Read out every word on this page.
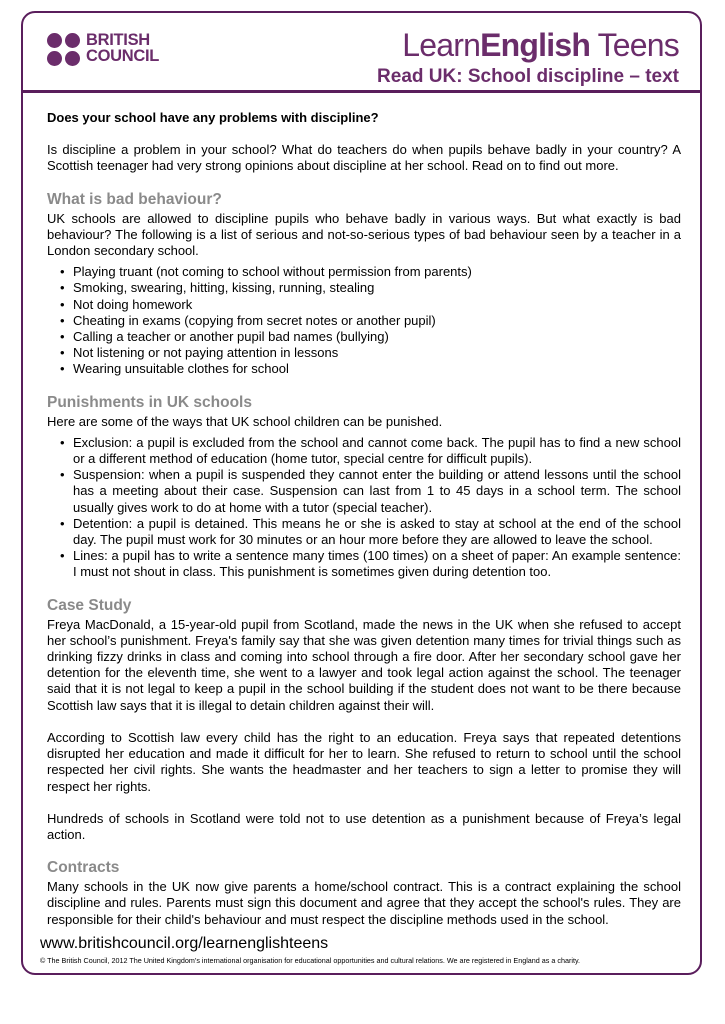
BRITISH
COUNCIL	LearnEnglish Teens
Read UK: School discipline – text

Does your school have any problems with discipline?

Is discipline a problem in your school? What do teachers do when pupils behave badly in your country? A Scottish teenager had very strong opinions about discipline at her school. Read on to find out more.

What is bad behaviour?

UK schools are allowed to discipline pupils who behave badly in various ways. But what exactly is bad behaviour? The following is a list of serious and not-so-serious types of bad behaviour seen by a teacher in a London secondary school.

• Playing truant (not coming to school without permission from parents)
• Smoking, swearing, hitting, kissing, running, stealing
• Not doing homework
• Cheating in exams (copying from secret notes or another pupil)
• Calling a teacher or another pupil bad names (bullying)
• Not listening or not paying attention in lessons
• Wearing unsuitable clothes for school
Punishments in UK schools

Here are some of the ways that UK school children can be punished.

• Exclusion: a pupil is excluded from the school and cannot come back. The pupil has to find a new school or a different method of education (home tutor, special centre for difficult pupils).
• Suspension: when a pupil is suspended they cannot enter the building or attend lessons until the school has a meeting about their case. Suspension can last from 1 to 45 days in a school term. The school usually gives work to do at home with a tutor (special teacher).
• Detention: a pupil is detained. This means he or she is asked to stay at school at the end of the school day. The pupil must work for 30 minutes or an hour more before they are allowed to leave the school.
• Lines: a pupil has to write a sentence many times (100 times) on a sheet of paper: An example sentence: I must not shout in class. This punishment is sometimes given during detention too.
Case Study

Freya MacDonald, a 15-year-old pupil from Scotland, made the news in the UK when she refused to accept her school’s punishment. Freya's family say that she was given detention many times for trivial things such as drinking fizzy drinks in class and coming into school through a fire door. After her secondary school gave her detention for the eleventh time, she went to a lawyer and took legal action against the school. The teenager said that it is not legal to keep a pupil in the school building if the student does not want to be there because Scottish law says that it is illegal to detain children against their will.

According to Scottish law every child has the right to an education. Freya says that repeated detentions disrupted her education and made it difficult for her to learn. She refused to return to school until the school respected her civil rights. She wants the headmaster and her teachers to sign a letter to promise they will respect her rights.

Hundreds of schools in Scotland were told not to use detention as a punishment because of Freya’s legal action.

Contracts

Many schools in the UK now give parents a home/school contract. This is a contract explaining the school discipline and rules. Parents must sign this document and agree that they accept the school's rules. They are responsible for their child's behaviour and must respect the discipline methods used in the school.

www.britishcouncil.org/learnenglishteens
© The British Council, 2012 The United Kingdom’s international organisation for educational opportunities and cultural relations. We are registered in England as a charity.
